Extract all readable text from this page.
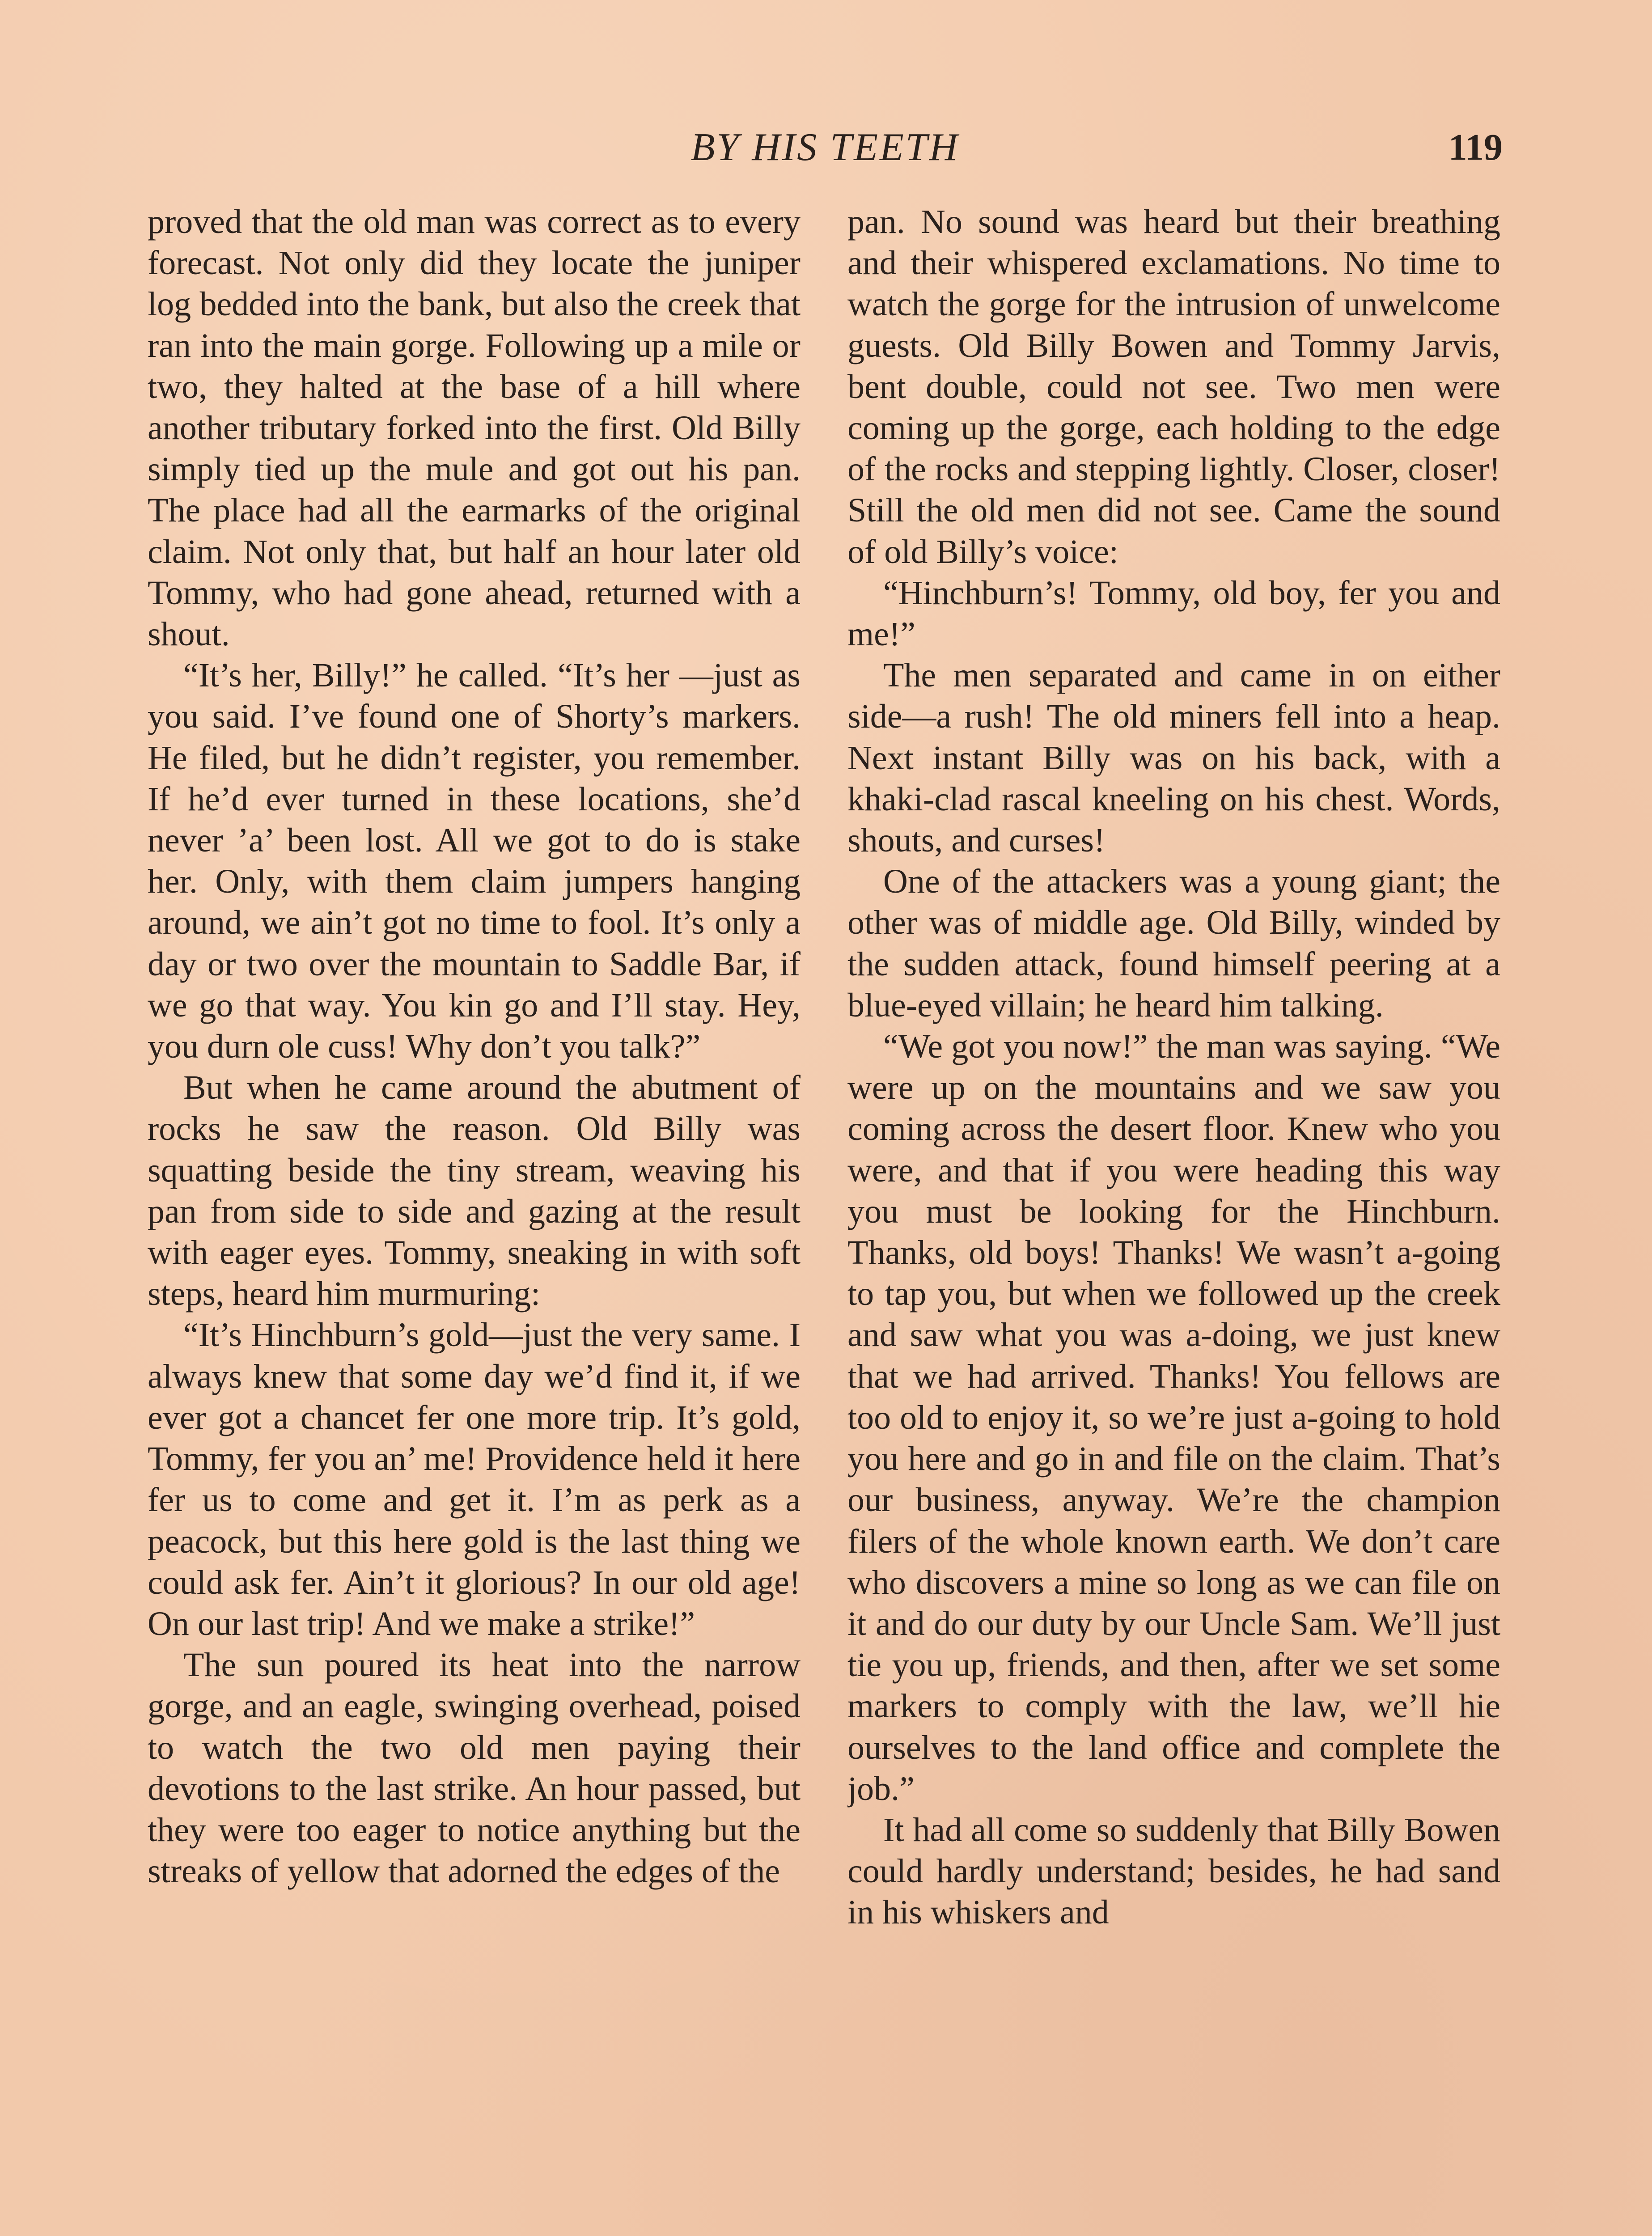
BY HIS TEETH	119

proved that the old man was correct as to every forecast. Not only did they locate the juniper log bedded into the bank, but also the creek that ran into the main gorge. Following up a mile or two, they halted at the base of a hill where another tributary forked into the first. Old Billy simply tied up the mule and got out his pan. The place had all the earmarks of the original claim. Not only that, but half an hour later old Tommy, who had gone ahead, returned with a shout.

“It’s her, Billy!” he called. “It’s her —just as you said. I’ve found one of Shorty’s markers. He filed, but he didn’t register, you remember. If he’d ever turned in these locations, she’d never ’a’ been lost. All we got to do is stake her. Only, with them claim jumpers hanging around, we ain’t got no time to fool. It’s only a day or two over the mountain to Saddle Bar, if we go that way. You kin go and I’ll stay. Hey, you durn ole cuss! Why don’t you talk?”

But when he came around the abutment of rocks he saw the reason. Old Billy was squatting beside the tiny stream, weaving his pan from side to side and gazing at the result with eager eyes. Tommy, sneaking in with soft steps, heard him murmuring:

“It’s Hinchburn’s gold—just the very same. I always knew that some day we’d find it, if we ever got a chancet fer one more trip. It’s gold, Tommy, fer you an’ me! Providence held it here fer us to come and get it. I’m as perk as a peacock, but this here gold is the last thing we could ask fer. Ain’t it glorious? In our old age! On our last trip! And we make a strike!”

The sun poured its heat into the narrow gorge, and an eagle, swinging overhead, poised to watch the two old men paying their devotions to the last strike. An hour passed, but they were too eager to notice anything but the streaks of yellow that adorned the edges of the

pan. No sound was heard but their breathing and their whispered exclamations. No time to watch the gorge for the intrusion of unwelcome guests. Old Billy Bowen and Tommy Jarvis, bent double, could not see. Two men were coming up the gorge, each holding to the edge of the rocks and stepping lightly. Closer, closer! Still the old men did not see. Came the sound of old Billy’s voice:

“Hinchburn’s! Tommy, old boy, fer you and me!”

The men separated and came in on either side—a rush! The old miners fell into a heap. Next instant Billy was on his back, with a khaki-clad rascal kneeling on his chest. Words, shouts, and curses!

One of the attackers was a young giant; the other was of middle age. Old Billy, winded by the sudden attack, found himself peering at a blue-eyed villain; he heard him talking.

“We got you now!” the man was saying. “We were up on the mountains and we saw you coming across the desert floor. Knew who you were, and that if you were heading this way you must be looking for the Hinchburn. Thanks, old boys! Thanks! We wasn’t a-going to tap you, but when we followed up the creek and saw what you was a-doing, we just knew that we had arrived. Thanks! You fellows are too old to enjoy it, so we’re just a-going to hold you here and go in and file on the claim. That’s our business, anyway. We’re the champion filers of the whole known earth. We don’t care who discovers a mine so long as we can file on it and do our duty by our Uncle Sam. We’ll just tie you up, friends, and then, after we set some markers to comply with the law, we’ll hie ourselves to the land office and complete the job.”

It had all come so suddenly that Billy Bowen could hardly understand; besides, he had sand in his whiskers and
